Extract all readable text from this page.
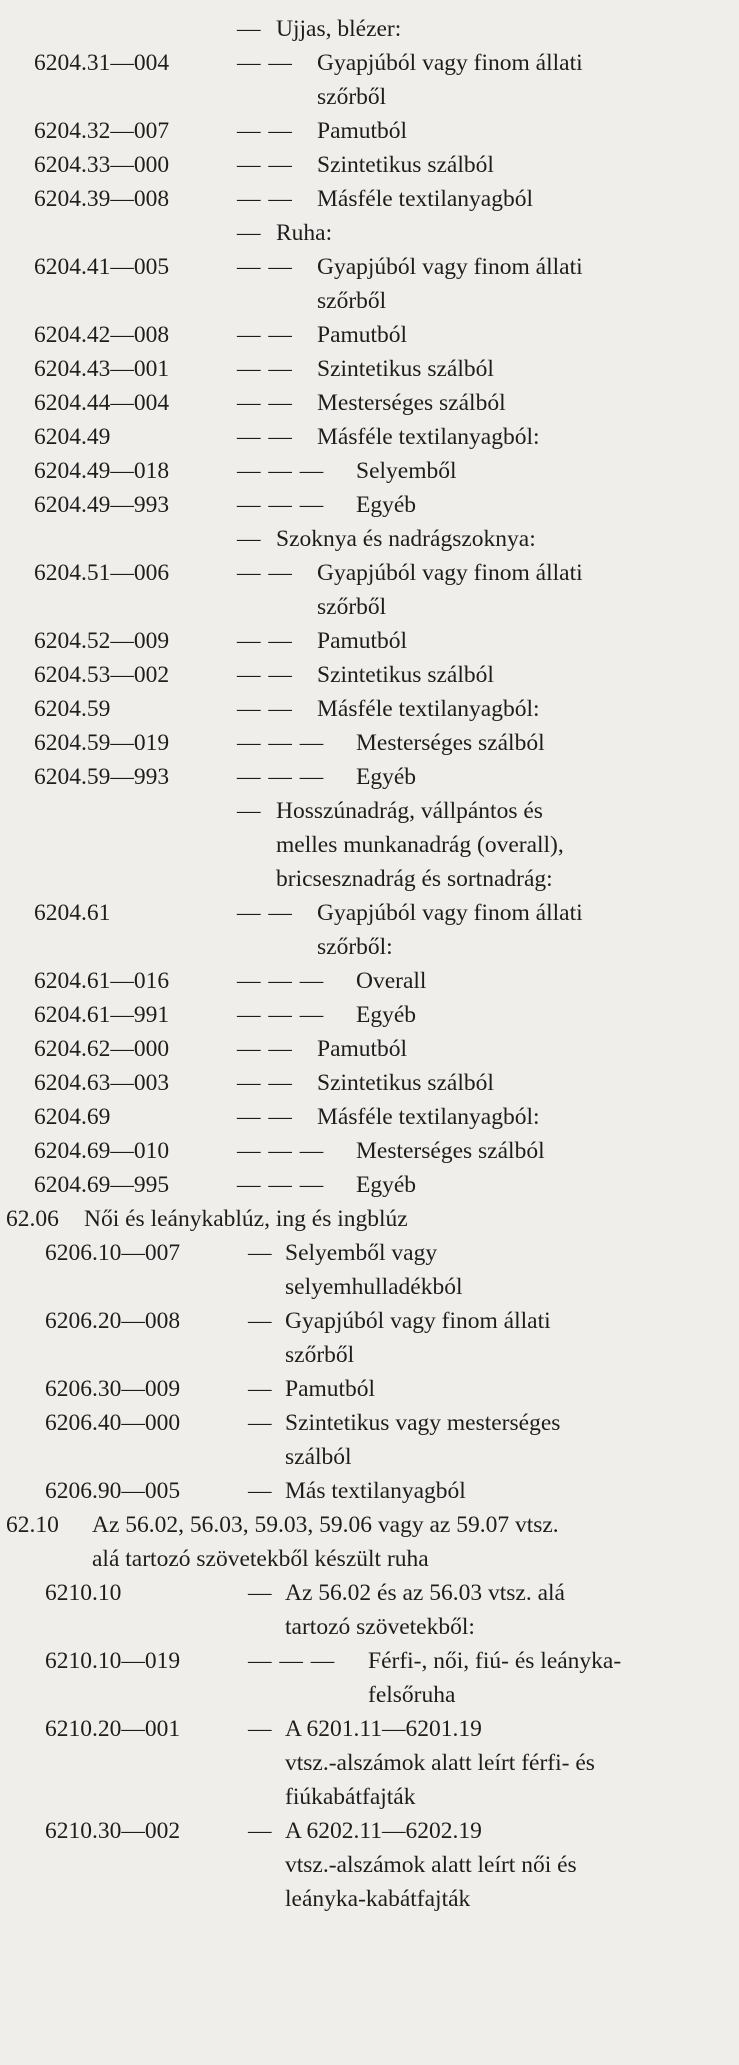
— Ujjas, blézer:
6204.31—004	— — Gyapjúból vagy finom állati
szőrből
6204.32—007	— — Pamutból
6204.33—000	— — Szintetikus szálból
6204.39—008	— — Másféle textilanyagból
— Ruha:
6204.41—005	— — Gyapjúból vagy finom állati
szőrből
6204.42—008	— — Pamutból
6204.43—001	— — Szintetikus szálból
6204.44—004	— — Mesterséges szálból
6204.49	— — Másféle textilanyagból:
6204.49—018	— — — Selyemből
6204.49—993	— — — Egyéb
— Szoknya és nadrágszoknya:
6204.51—006	— — Gyapjúból vagy finom állati
szőrből
6204.52—009	— — Pamutból
6204.53—002	— — Szintetikus szálból
6204.59	— — Másféle textilanyagból:
6204.59—019	— — — Mesterséges szálból
6204.59—993	— — — Egyéb
— Hosszúnadrág, vállpántos és
melles munkanadrág (overall),
bricsesznadrág és sortnadrág:
6204.61	— — Gyapjúból vagy finom állati
szőrből:
6204.61—016	— — — Overall
6204.61—991	— — — Egyéb
6204.62—000	— — Pamutból
6204.63—003	— — Szintetikus szálból
6204.69	— — Másféle textilanyagból:
6204.69—010	— — — Mesterséges szálból
6204.69—995	— — — Egyéb
62.06 Női és leánykablúz, ing és ingblúz
6206.10—007	— Selyemből vagy
selyemhulladékból
6206.20—008	— Gyapjúból vagy finom állati
szőrből
6206.30—009	— Pamutból
6206.40—000	— Szintetikus vagy mesterséges
szálból
6206.90—005	— Más textilanyagból
62.10 Az 56.02, 56.03, 59.03, 59.06 vagy az 59.07 vtsz.
alá tartozó szövetekből készült ruha
6210.10	— Az 56.02 és az 56.03 vtsz. alá
tartozó szövetekből:
6210.10—019	— — — Férfi-, női, fiú- és leánykа-
felsőruha
6210.20—001	— A 6201.11—6201.19
vtsz.-alszámok alatt leírt férfi- és
fiúkabátfajták
6210.30—002	— A 6202.11—6202.19
vtsz.-alszámok alatt leírt női és
leányka-kabátfajták
